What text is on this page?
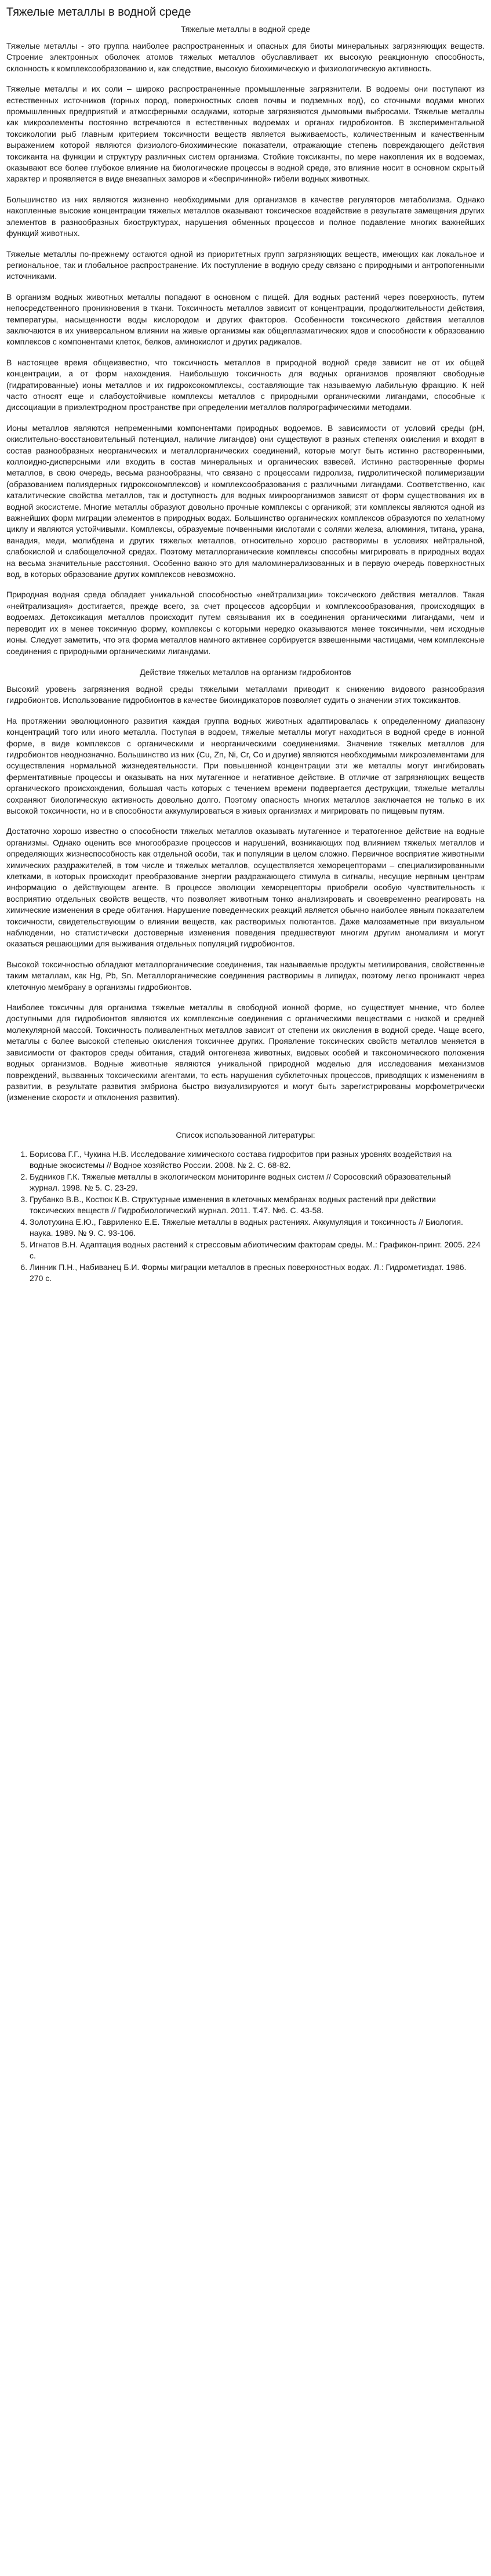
Тяжелые металлы в водной среде
Тяжелые металлы в водной среде

Тяжелые металлы - это группа наиболее распространенных и опасных для биоты минеральных загрязняющих веществ. Строение электронных оболочек атомов тяжелых металлов обуславливает их высокую реакционную способность, склонность к комплексообразованию и, как следствие, высокую биохимическую и физиологическую активность.

Тяжелые металлы и их соли – широко распространенные промышленные загрязнители. В водоемы они поступают из естественных источников (горных пород, поверхностных слоев почвы и подземных вод), со сточными водами многих промышленных предприятий и атмосферными осадками, которые загрязняются дымовыми выбросами. Тяжелые металлы как микроэлементы постоянно встречаются в естественных водоемах и органах гидробионтов. В экспериментальной токсикологии рыб главным критерием токсичности веществ является выживаемость, количественным и качественным выражением которой являются физиолого-биохимические показатели, отражающие степень повреждающего действия токсиканта на функции и структуру различных систем организма. Стойкие токсиканты, по мере накопления их в водоемах, оказывают все более глубокое влияние на биологические процессы в водной среде, это влияние носит в основном скрытый характер и проявляется в виде внезапных заморов и «беспричинной» гибели водных животных.

Большинство из них являются жизненно необходимыми для организмов в качестве регуляторов метаболизма. Однако накопленные высокие концентрации тяжелых металлов оказывают токсическое воздействие в результате замещения других элементов в разнообразных биоструктурах, нарушения обменных процессов и полное подавление многих важнейших функций животных.

Тяжелые металлы по-прежнему остаются одной из приоритетных групп загрязняющих веществ, имеющих как локальное и региональное, так и глобальное распространение. Их поступление в водную среду связано с природными и антропогенными источниками.

В организм водных животных металлы попадают в основном с пищей. Для водных растений через поверхность, путем непосредственного проникновения в ткани. Токсичность металлов зависит от концентрации, продолжительности действия, температуры, насыщенности воды кислородом и других факторов. Особенности токсического действия металлов заключаются в их универсальном влиянии на живые организмы как общеплазматических ядов и способности к образованию комплексов с компонентами клеток, белков, аминокислот и других радикалов.

В настоящее время общеизвестно, что токсичность металлов в природной водной среде зависит не от их общей концентрации, а от форм нахождения. Наибольшую токсичность для водных организмов проявляют свободные (гидратированные) ионы металлов и их гидроксокомплексы, составляющие так называемую лабильную фракцию. К ней часто относят еще и слабоустойчивые комплексы металлов с природными органическими лигандами, способные к диссоциации в приэлектродном пространстве при определении металлов полярографическими методами.

Ионы металлов являются непременными компонентами природных водоемов. В зависимости от условий среды (pH, окислительно-восстановительный потенциал, наличие лигандов) они существуют в разных степенях окисления и входят в состав разнообразных неорганических и металлорганических соединений, которые могут быть истинно растворенными, коллоидно-дисперсными или входить в состав минеральных и органических взвесей. Истинно растворенные формы металлов, в свою очередь, весьма разнообразны, что связано с процессами гидролиза, гидролитической полимеризации (образованием полиядерных гидроксокомплексов) и комплексообразования с различными лигандами. Соответственно, как каталитические свойства металлов, так и доступность для водных микроорганизмов зависят от форм существования их в водной экосистеме. Многие металлы образуют довольно прочные комплексы с органикой; эти комплексы являются одной из важнейших форм миграции элементов в природных водах. Большинство органических комплексов образуются по хелатному циклу и являются устойчивыми. Комплексы, образуемые почвенными кислотами с солями железа, алюминия, титана, урана, ванадия, меди, молибдена и других тяжелых металлов, относительно хорошо растворимы в условиях нейтральной, слабокислой и слабощелочной средах. Поэтому металлорганические комплексы способны мигрировать в природных водах на весьма значительные расстояния. Особенно важно это для маломинерализованных и в первую очередь поверхностных вод, в которых образование других комплексов невозможно.

Природная водная среда обладает уникальной способностью «нейтрализации» токсического действия металлов. Такая «нейтрализация» достигается, прежде всего, за счет процессов адсорбции и комплексообразования, происходящих в водоемах. Детоксикация металлов происходит путем связывания их в соединения органическими лигандами, чем и переводит их в менее токсичную форму, комплексы с которыми нередко оказываются менее токсичными, чем исходные ионы. Следует заметить, что эта форма металлов намного активнее сорбируется взвешенными частицами, чем комплексные соединения с природными органическими лигандами.

Действие тяжелых металлов на организм гидробионтов

Высокий уровень загрязнения водной среды тяжелыми металлами приводит к снижению видового разнообразия гидробионтов. Использование гидробионтов в качестве биоиндикаторов позволяет судить о значении этих токсикантов.

На протяжении эволюционного развития каждая группа водных животных адаптировалась к определенному диапазону концентраций того или иного металла. Поступая в водоем, тяжелые металлы могут находиться в водной среде в ионной форме, в виде комплексов с органическими и неорганическими соединениями. Значение тяжелых металлов для гидробионтов неоднозначно. Большинство из них (Cu, Zn, Ni, Cr, Co и другие) являются необходимыми микроэлементами для осуществления нормальной жизнедеятельности. При повышенной концентрации эти же металлы могут ингибировать ферментативные процессы и оказывать на них мутагенное и негативное действие. В отличие от загрязняющих веществ органического происхождения, большая часть которых с течением времени подвергается деструкции, тяжелые металлы сохраняют биологическую активность довольно долго. Поэтому опасность многих металлов заключается не только в их высокой токсичности, но и в способности аккумулироваться в живых организмах и мигрировать по пищевым путям.

Достаточно хорошо известно о способности тяжелых металлов оказывать мутагенное и тератогенное действие на водные организмы. Однако оценить все многообразие процессов и нарушений, возникающих под влиянием тяжелых металлов и определяющих жизнеспособность как отдельной особи, так и популяции в целом сложно. Первичное восприятие животными химических раздражителей, в том числе и тяжелых металлов, осуществляется хеморецепторами – специализированными клетками, в которых происходит преобразование энергии раздражающего стимула в сигналы, несущие нервным центрам информацию о действующем агенте. В процессе эволюции хеморецепторы приобрели особую чувствительность к восприятию отдельных свойств веществ, что позволяет животным тонко анализировать и своевременно реагировать на химические изменения в среде обитания. Нарушение поведенческих реакций является обычно наиболее явным показателем токсичности, свидетельствующим о влиянии веществ, как растворимых полютантов. Даже малозаметные при визуальном наблюдении, но статистически достоверные изменения поведения предшествуют многим другим аномалиям и могут оказаться решающими для выживания отдельных популяций гидробионтов.

Высокой токсичностью обладают металлорганические соединения, так называемые продукты метилирования, свойственные таким металлам, как Hg, Pb, Sn. Металлорганические соединения растворимы в липидах, поэтому легко проникают через клеточную мембрану в организмы гидробионтов.

Наиболее токсичны для организма тяжелые металлы в свободной ионной форме, но существует мнение, что более доступными для гидробионтов являются их комплексные соединения с органическими веществами с низкой и средней молекулярной массой. Токсичность поливалентных металлов зависит от степени их окисления в водной среде. Чаще всего, металлы с более высокой степенью окисления токсичнее других. Проявление токсических свойств металлов меняется в зависимости от факторов среды обитания, стадий онтогенеза животных, видовых особей и таксономического положения водных организмов. Водные животные являются уникальной природной моделью для исследования механизмов повреждений, вызванных токсическими агентами, то есть нарушения субклеточных процессов, приводящих к изменениям в развитии, в результате развития эмбриона быстро визуализируются и могут быть зарегистрированы морфометрически (изменение скорости и отклонения развития).

Список использованной литературы:
1. Борисова Г.Г., Чукина Н.В. Исследование химического состава гидрофитов при разных уровнях воздействия на водные экосистемы // Водное хозяйство России. 2008. № 2. С. 68-82.
2. Будников Г.К. Тяжелые металлы в экологическом мониторинге водных систем // Соросовский образовательный журнал. 1998. № 5. С. 23-29.
3. Грубанко В.В., Костюк К.В. Структурные изменения в клеточных мембранах водных растений при действии токсических веществ // Гидробиологический журнал. 2011. Т.47. №6. С. 43-58.
4. Золотухина Е.Ю., Гавриленко Е.Е. Тяжелые металлы в водных растениях. Аккумуляция и токсичность // Биология. наука. 1989. № 9. С. 93-106.
5. Игнатов В.Н. Адаптация водных растений к стрессовым абиотическим факторам среды. М.: Графикон-принт. 2005. 224 с.
6. Линник П.Н., Набиванец Б.И. Формы миграции металлов в пресных поверхностных водах. Л.: Гидрометиздат. 1986. 270 с.
